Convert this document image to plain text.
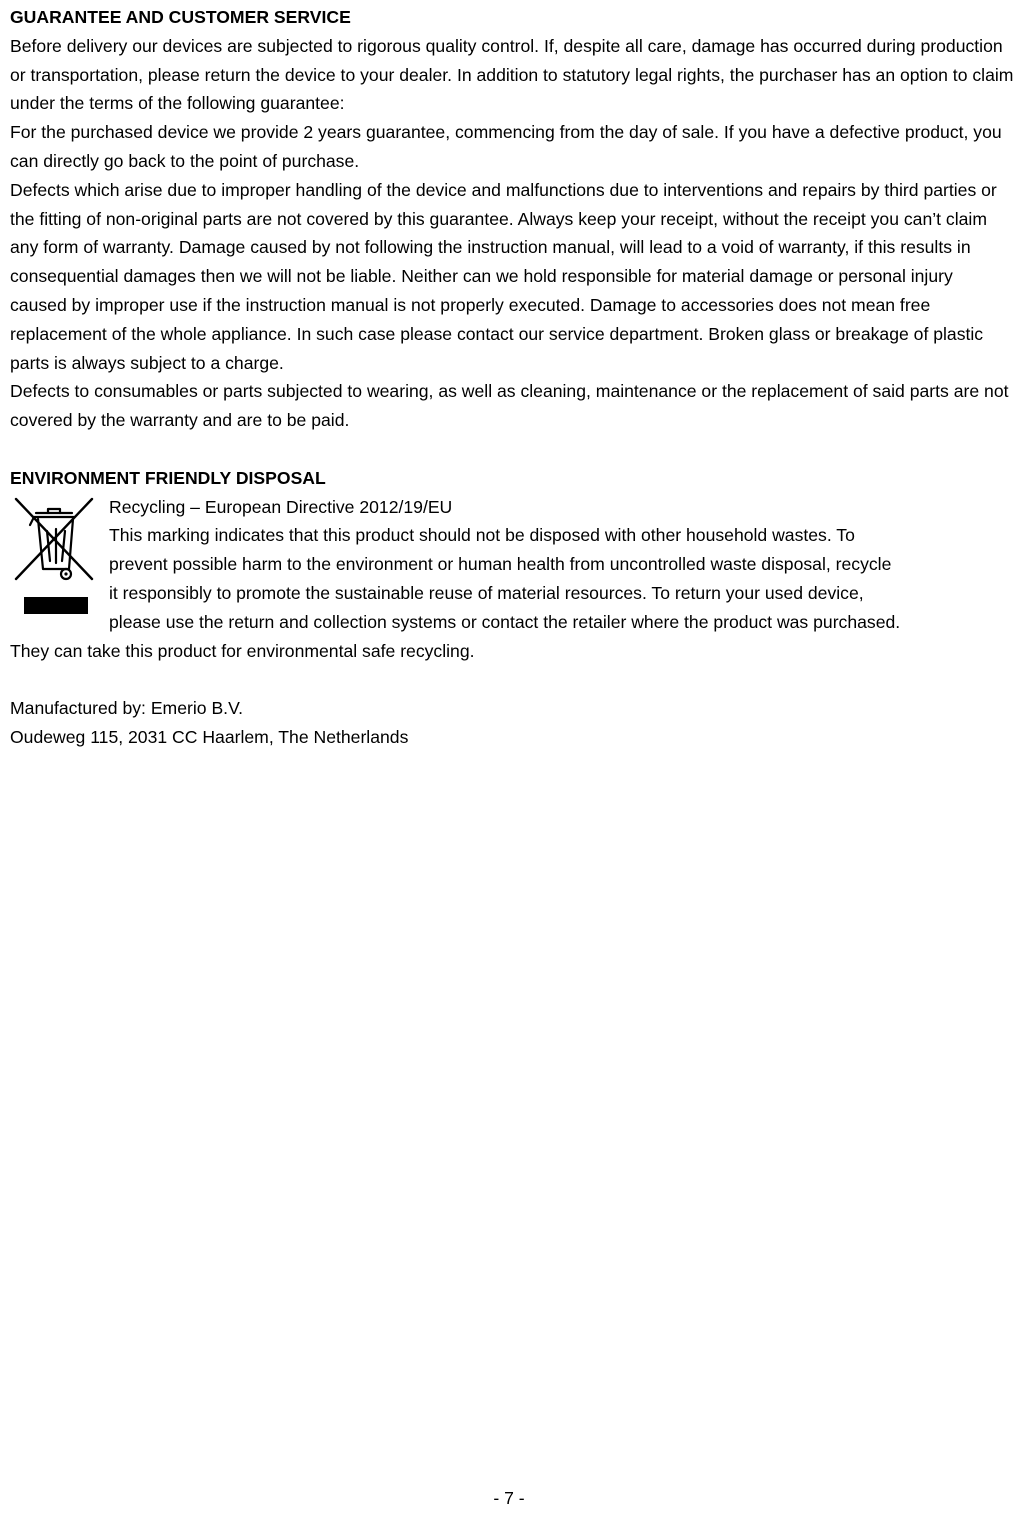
GUARANTEE AND CUSTOMER SERVICE

Before delivery our devices are subjected to rigorous quality control. If, despite all care, damage has occurred during production or transportation, please return the device to your dealer. In addition to statutory legal rights, the purchaser has an option to claim under the terms of the following guarantee:

For the purchased device we provide 2 years guarantee, commencing from the day of sale. If you have a defective product, you can directly go back to the point of purchase.

Defects which arise due to improper handling of the device and malfunctions due to interventions and repairs by third parties or the fitting of non-original parts are not covered by this guarantee. Always keep your receipt, without the receipt you can’t claim any form of warranty. Damage caused by not following the instruction manual, will lead to a void of warranty, if this results in consequential damages then we will not be liable. Neither can we hold responsible for material damage or personal injury caused by improper use if the instruction manual is not properly executed. Damage to accessories does not mean free replacement of the whole appliance. In such case please contact our service department. Broken glass or breakage of plastic parts is always subject to a charge.

Defects to consumables or parts subjected to wearing, as well as cleaning, maintenance or the replacement of said parts are not covered by the warranty and are to be paid.

ENVIRONMENT FRIENDLY DISPOSAL

Recycling – European Directive 2012/19/EU

This marking indicates that this product should not be disposed with other household wastes. To

prevent possible harm to the environment or human health from uncontrolled waste disposal, recycle

it responsibly to promote the sustainable reuse of material resources. To return your used device,

please use the return and collection systems or contact the retailer where the product was purchased.

They can take this product for environmental safe recycling.

Manufactured by: Emerio B.V.

Oudeweg 115, 2031 CC Haarlem, The Netherlands

- 7 -
